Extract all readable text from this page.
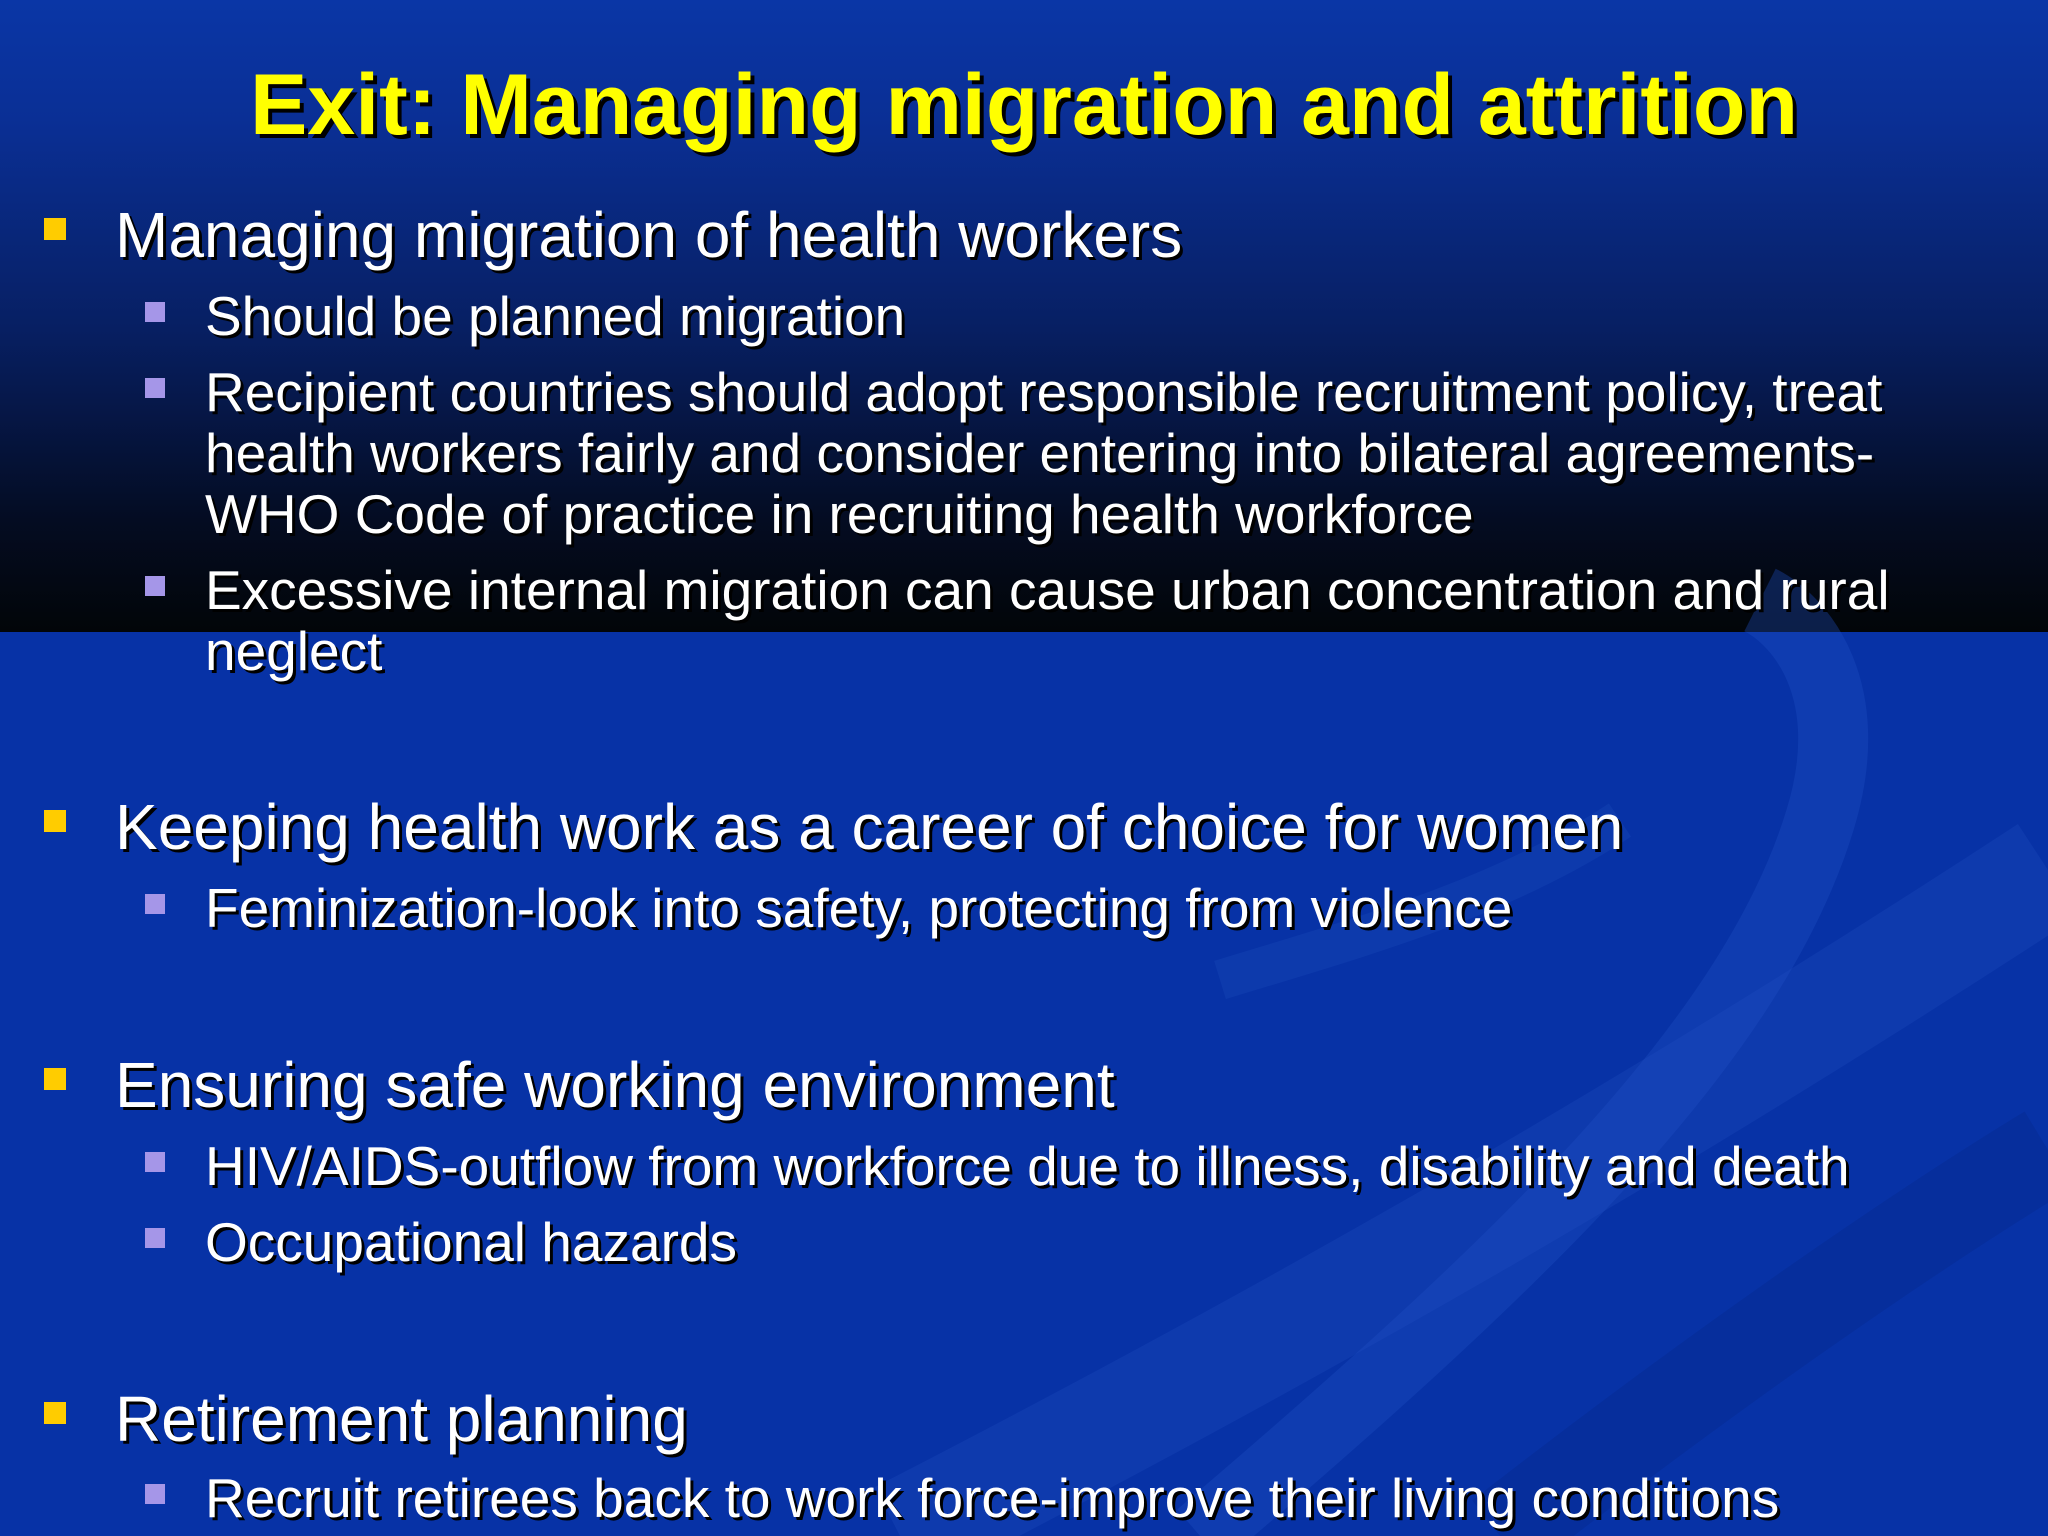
Exit: Managing migration and attrition
Managing migration of health workers
Should be planned migration
Recipient countries should adopt responsible recruitment policy, treat health workers fairly and consider entering into bilateral agreements- WHO Code of practice in recruiting health workforce
Excessive internal migration can cause urban concentration and rural neglect
Keeping health work as a career of choice for women
Feminization-look into safety, protecting from violence
Ensuring safe working environment
HIV/AIDS-outflow from workforce due to illness, disability and death
Occupational hazards
Retirement planning
Recruit retirees back to work force-improve their living conditions
